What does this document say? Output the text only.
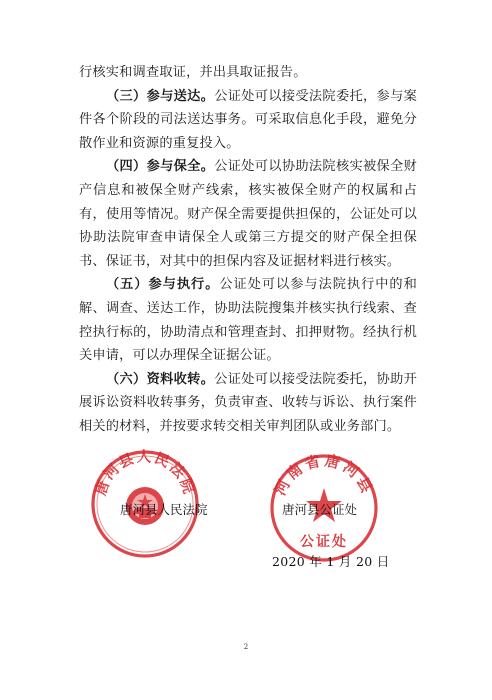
行核实和调查取证，并出具取证报告。

（三）参与送达。公证处可以接受法院委托，参与案件各个阶段的司法送达事务。可采取信息化手段，避免分散作业和资源的重复投入。

（四）参与保全。公证处可以协助法院核实被保全财产信息和被保全财产线索，核实被保全财产的权属和占有，使用等情况。财产保全需要提供担保的，公证处可以协助法院审查申请保全人或第三方提交的财产保全担保书、保证书，对其中的担保内容及证据材料进行核实。

（五）参与执行。公证处可以参与法院执行中的和解、调查、送达工作，协助法院搜集并核实执行线索、查控执行标的，协助清点和管理查封、扣押财物。经执行机关申请，可以办理保全证据公证。

（六）资料收转。公证处可以接受法院委托，协助开展诉讼资料收转事务，负责审查、收转与诉讼、执行案件相关的材料，并按要求转交相关审判团队或业务部门。

唐河县人民法院	河南省唐河县
公证处
唐河县人民法院	唐河县公证处
2020 年 1 月 20 日
2
